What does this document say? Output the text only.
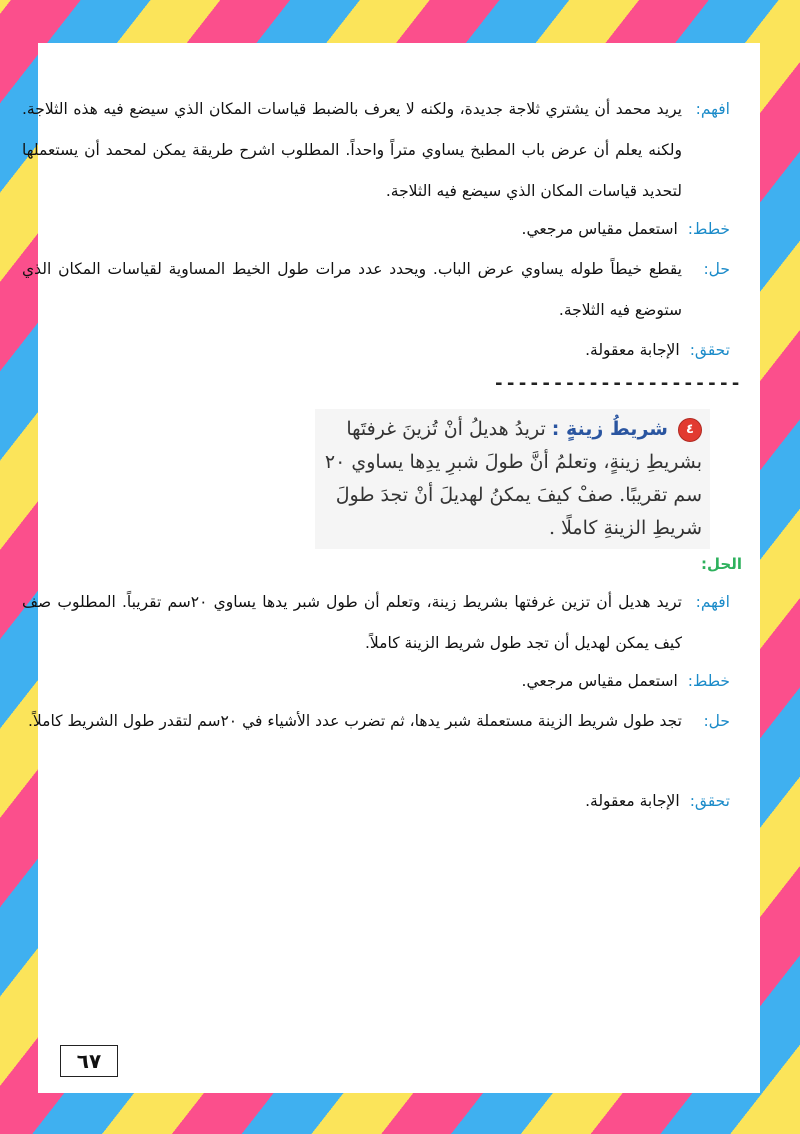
افهم:يريد محمد أن يشتري ثلاجة جديدة، ولكنه لا يعرف بالضبط قياسات المكان الذي سيضع فيه هذه الثلاجة. ولكنه يعلم أن عرض باب المطبخ يساوي متراً واحداً. المطلوب اشرح طريقة يمكن لمحمد أن يستعملها لتحديد قياسات المكان الذي سيضع فيه الثلاجة.
خطط:استعمل مقياس مرجعي.
حل:يقطع خيطاً طوله يساوي عرض الباب. ويحدد عدد مرات طول الخيط المساوية لقياسات المكان الذي ستوضع فيه الثلاجة.
تحقق:الإجابة معقولة.
---------------------
٤ شريطُ زينةٍ : تريدُ هديلُ أنْ تُزينَ غرفتَها بشريطِ زينةٍ، وتعلمُ أنَّ طولَ شبرِ يدِها يساوي ٢٠ سم تقريبًا. صفْ كيفَ يمكنُ لهديلَ أنْ تجدَ طولَ شريطِ الزينةِ كاملًا .
الحل:
افهم:تريد هديل أن تزين غرفتها بشريط زينة، وتعلم أن طول شبر يدها يساوي ٢٠سم تقريباً. المطلوب صف كيف يمكن لهديل أن تجد طول شريط الزينة كاملاً.
خطط:استعمل مقياس مرجعي.
حل:تجد طول شريط الزينة مستعملة شبر يدها، ثم تضرب عدد الأشياء في ٢٠سم لتقدر طول الشريط كاملاً.
تحقق:الإجابة معقولة.
٦٧
